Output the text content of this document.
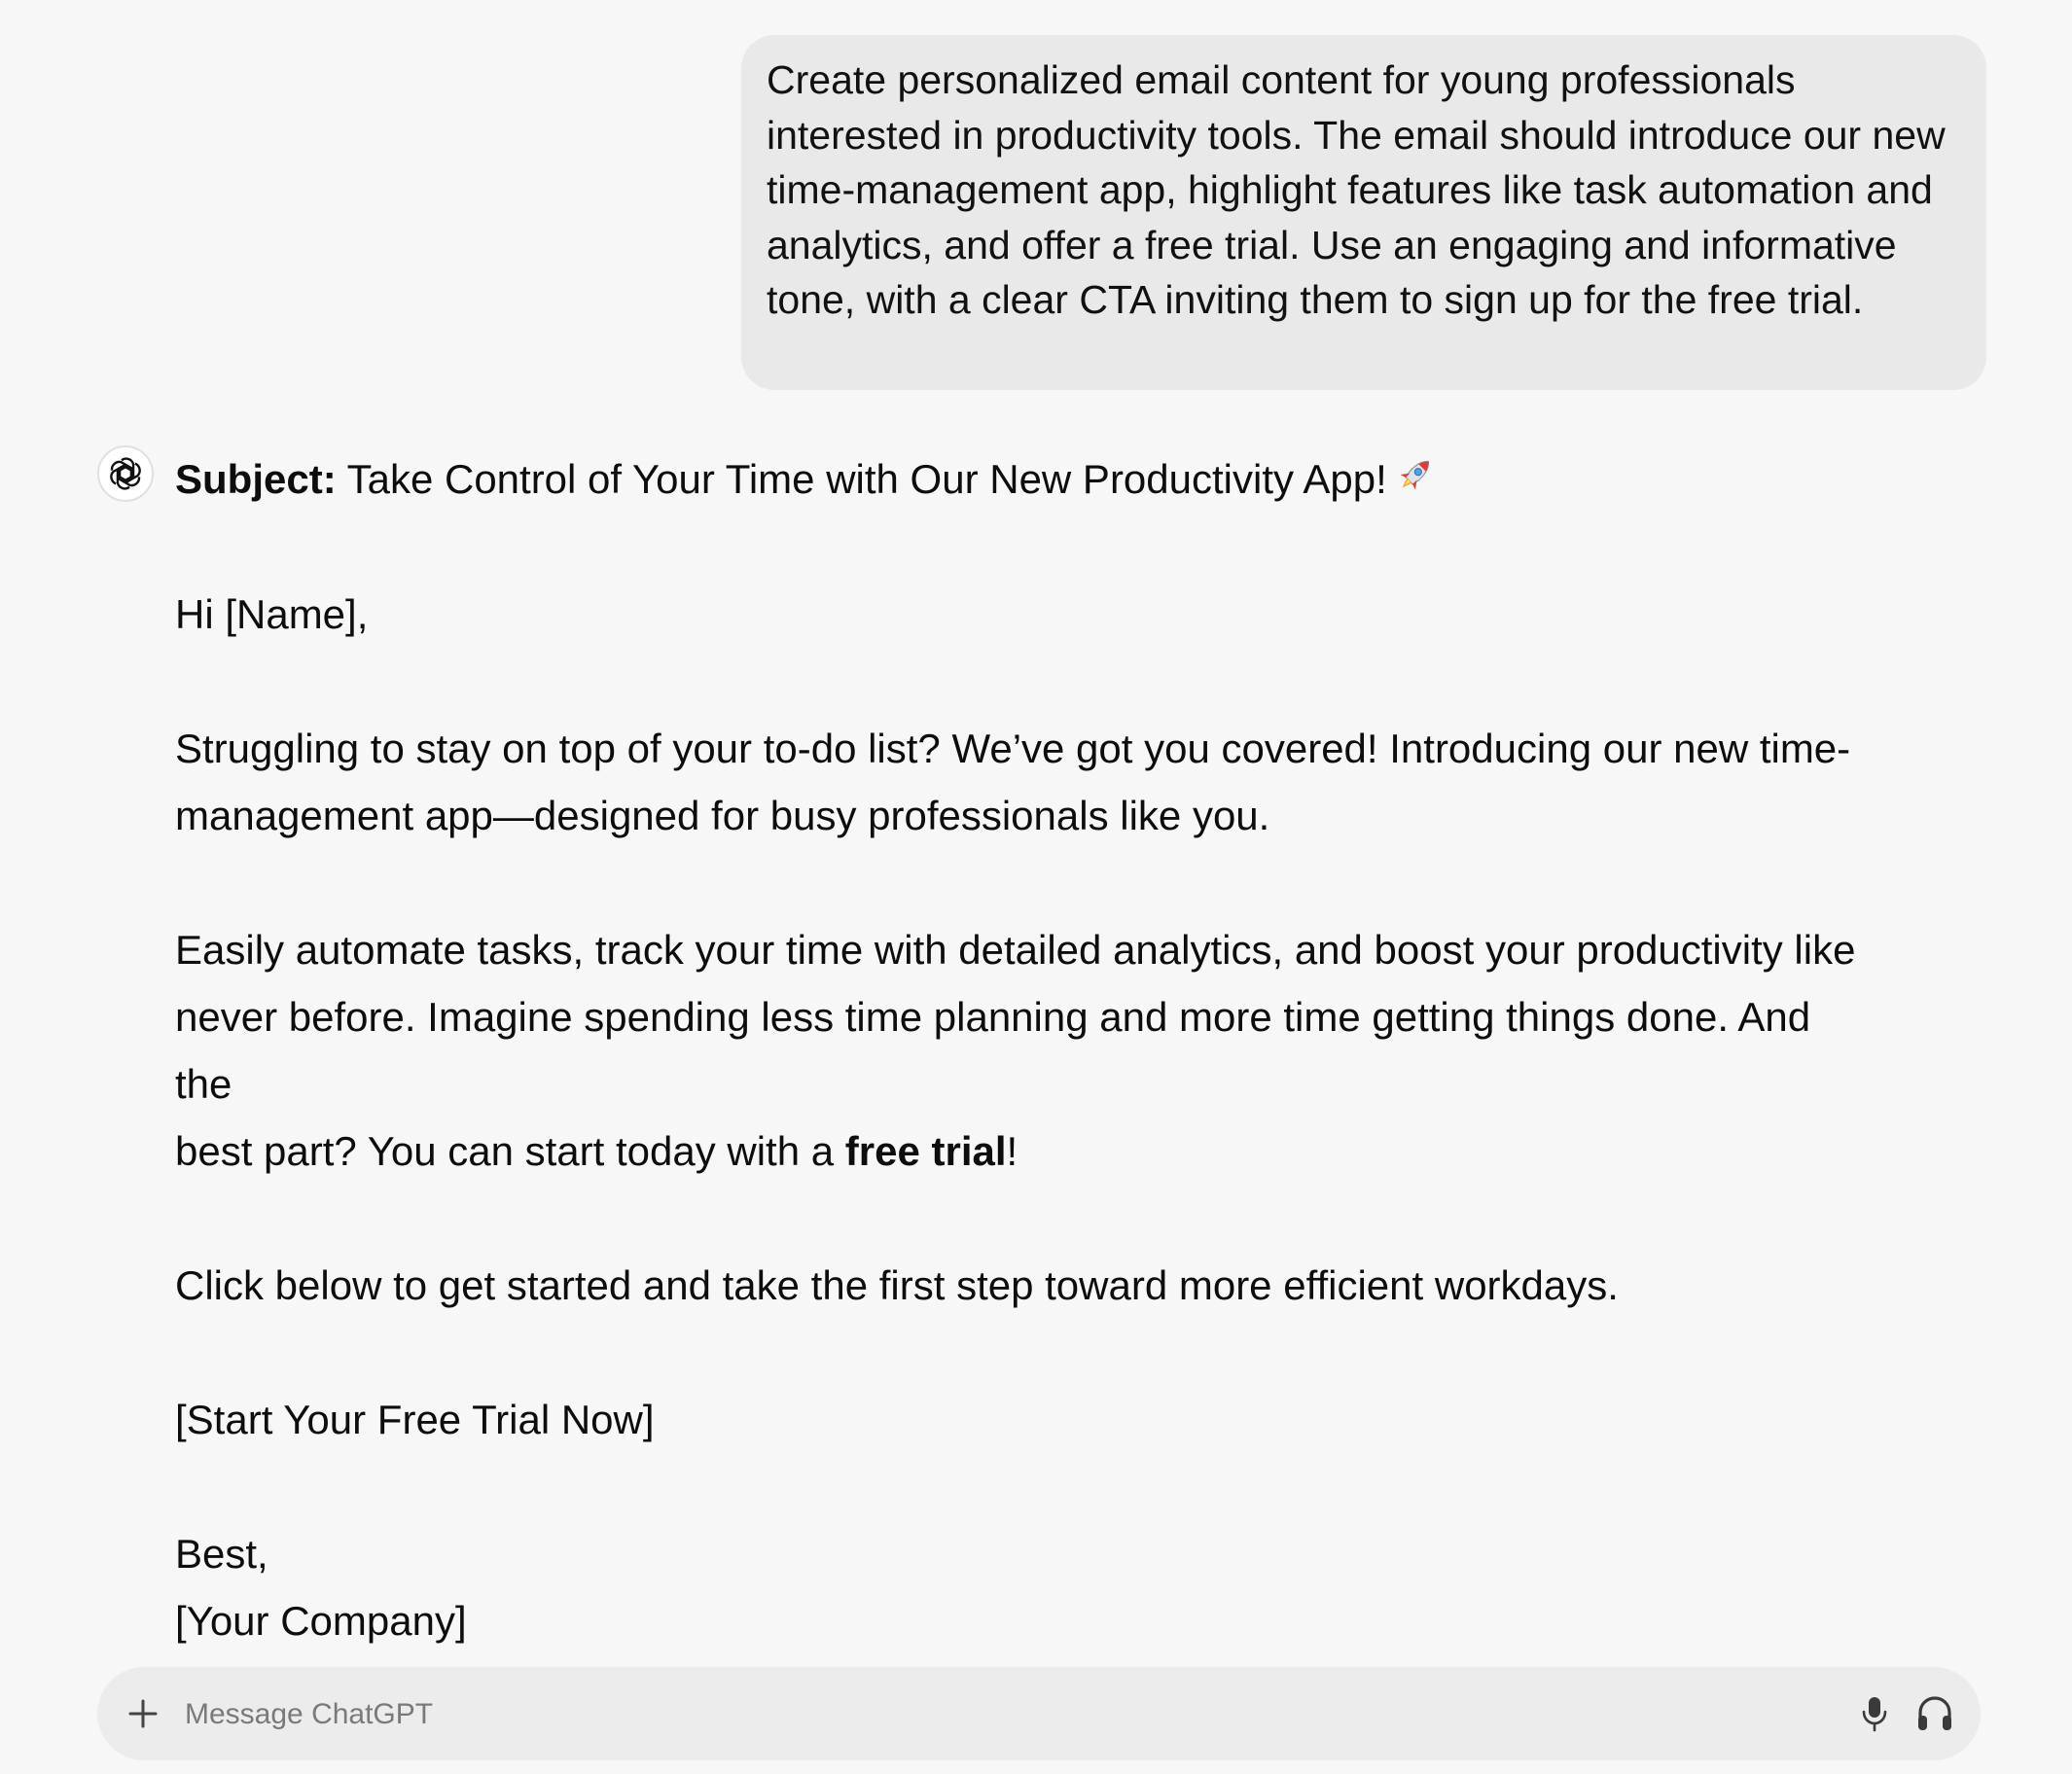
Create personalized email content for young professionals
interested in productivity tools. The email should introduce our new
time-management app, highlight features like task automation and
analytics, and offer a free trial. Use an engaging and informative
tone, with a clear CTA inviting them to sign up for the free trial.

Subject: Take Control of Your Time with Our New Productivity App!

Hi [Name],

Struggling to stay on top of your to-do list? We’ve got you covered! Introducing our new time-

management app—designed for busy professionals like you.

Easily automate tasks, track your time with detailed analytics, and boost your productivity like

never before. Imagine spending less time planning and more time getting things done. And the

best part? You can start today with a free trial!

Click below to get started and take the first step toward more efficient workdays.

[Start Your Free Trial Now]

Best,

[Your Company]

Message ChatGPT
